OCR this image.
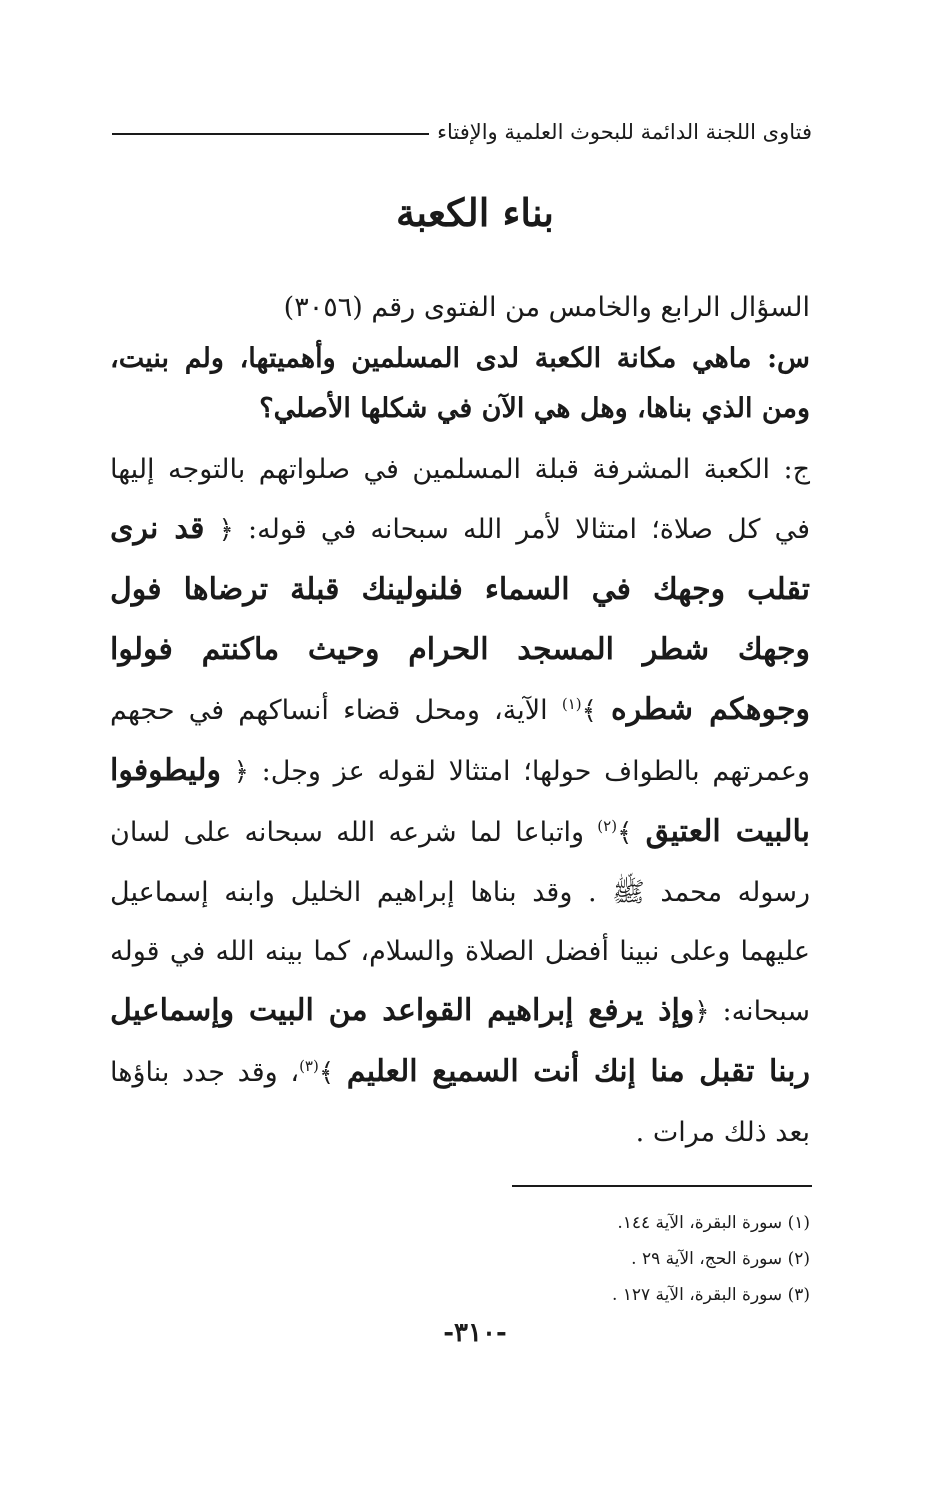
فتاوى اللجنة الدائمة للبحوث العلمية والإفتاء
بناء الكعبة

السؤال الرابع والخامس من الفتوى رقم (٣٠٥٦)

س: ماهي مكانة الكعبة لدى المسلمين وأهميتها، ولم بنيت، ومن الذي بناها، وهل هي الآن في شكلها الأصلي؟

ج: الكعبة المشرفة قبلة المسلمين في صلواتهم بالتوجه إليها في كل صلاة؛ امتثالا لأمر الله سبحانه في قوله: ﴿ قد نرى تقلب وجهك في السماء فلنولينك قبلة ترضاها فول وجهك شطر المسجد الحرام وحيث ماكنتم فولوا وجوهكم شطره ﴾$^{(١)}$ الآية، ومحل قضاء أنساكهم في حجهم وعمرتهم بالطواف حولها؛ امتثالا لقوله عز وجل: ﴿ وليطوفوا بالبيت العتيق ﴾$^{(٢)}$ واتباعا لما شرعه الله سبحانه على لسان رسوله محمد ﷺ . وقد بناها إبراهيم الخليل وابنه إسماعيل عليهما وعلى نبينا أفضل الصلاة والسلام، كما بينه الله في قوله سبحانه: ﴿وإذ يرفع إبراهيم القواعد من البيت وإسماعيل ربنا تقبل منا إنك أنت السميع العليم ﴾$^{(٣)}$، وقد جدد بناؤها بعد ذلك مرات .

(١) سورة البقرة، الآية ١٤٤.
(٢) سورة الحج، الآية ٢٩ .
(٣) سورة البقرة، الآية ١٢٧ .
-٣١٠-
